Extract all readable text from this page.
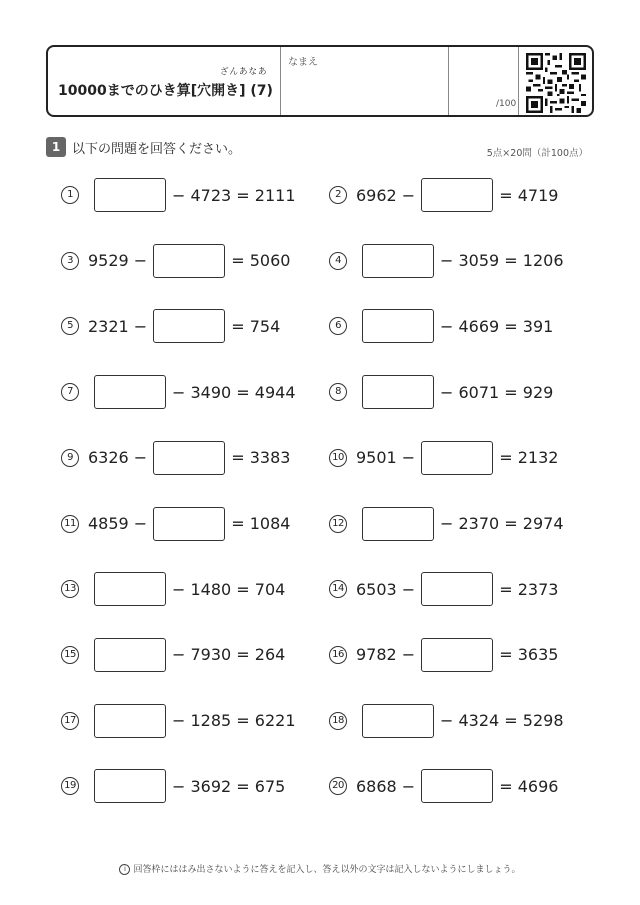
ざんあなあ
10000までのひき算[穴開き] (7)
なまえ
/100
1 以下の問題を回答ください。	5点×20問（計100点）
1	− 4723 = 2111	2 6962 −	= 4719
3 9529 −	= 5060	4	− 3059 = 1206
5 2321 −	= 754	6	− 4669 = 391
7	− 3490 = 4944	8	− 6071 = 929
9 6326 −	= 3383	10 9501 −	= 2132
11 4859 −	= 1084	12	− 2370 = 2974
13	− 1480 = 704	14 6503 −	= 2373
15	− 7930 = 264	16 9782 −	= 3635
17	− 1285 = 6221	18	− 4324 = 5298
19	− 3692 = 675	20 6868 −	= 4696
i 回答枠にははみ出さないように答えを記入し、答え以外の文字は記入しないようにしましょう。
